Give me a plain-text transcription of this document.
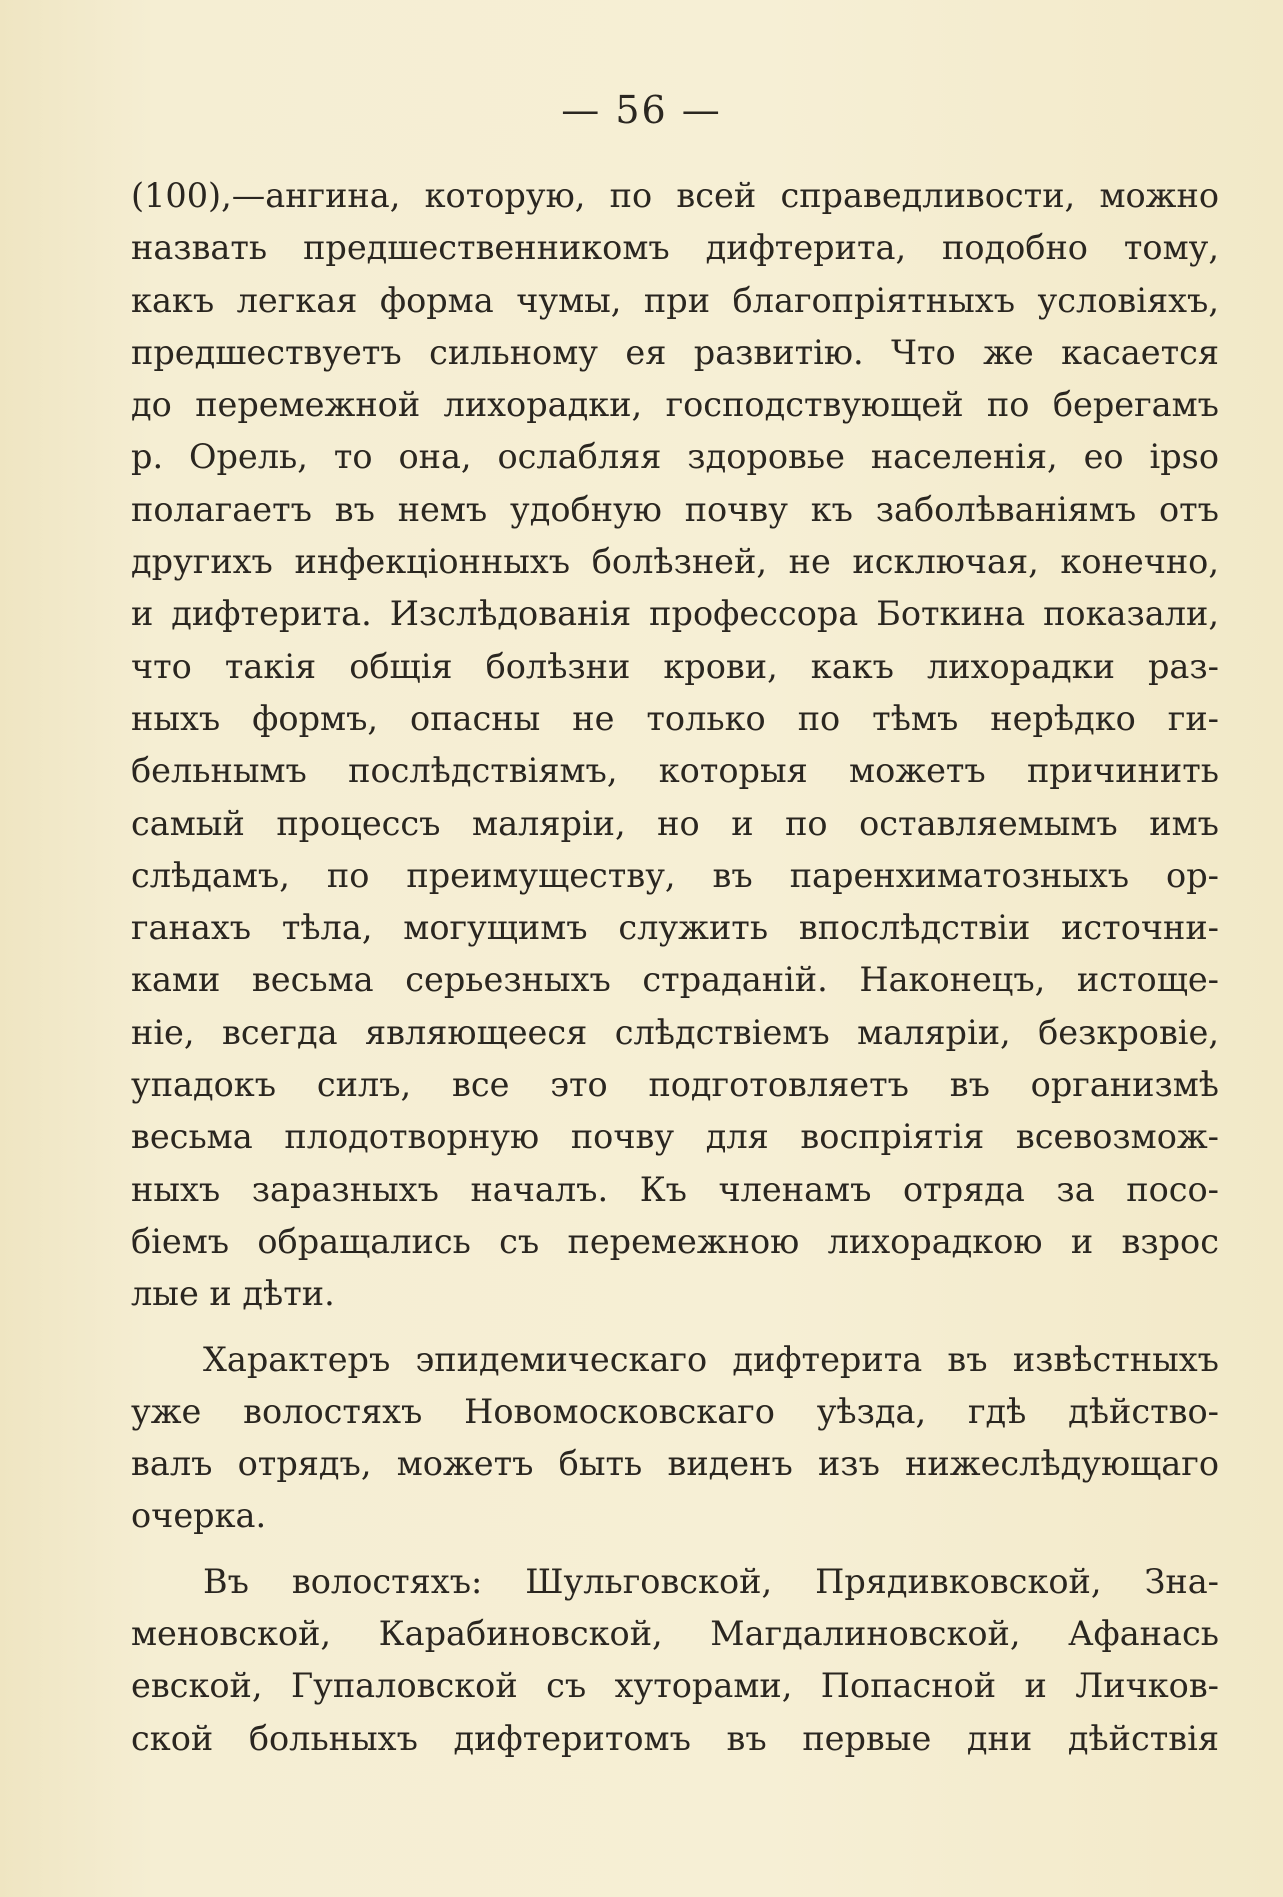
— 56 —
(100),—ангина, которую, по всей справедливости, можно
назвать предшественникомъ дифтерита, подобно тому,
какъ легкая форма чумы, при благопріятныхъ условіяхъ,
предшествуетъ сильному ея развитію. Что же касается
до перемежной лихорадки, господствующей по берегамъ
р. Орель, то она, ослабляя здоровье населенія, eo ipso
полагаетъ въ немъ удобную почву къ заболѣваніямъ отъ
другихъ инфекціонныхъ болѣзней, не исключая, конечно,
и дифтерита. Изслѣдованія профессора Боткина показали,
что такія общія болѣзни крови, какъ лихорадки раз-
ныхъ формъ, опасны не только по тѣмъ нерѣдко ги-
бельнымъ послѣдствіямъ, которыя можетъ причинить
самый процессъ маляріи, но и по оставляемымъ имъ
слѣдамъ, по преимуществу, въ паренхиматозныхъ ор-
ганахъ тѣла, могущимъ служить впослѣдствіи источни-
ками весьма серьезныхъ страданій. Наконецъ, истоще-
ніе, всегда являющееся слѣдствіемъ маляріи, безкровіе,
упадокъ силъ, все это подготовляетъ въ организмѣ
весьма плодотворную почву для воспріятія всевозмож-
ныхъ заразныхъ началъ. Къ членамъ отряда за посо-
біемъ обращались съ перемежною лихорадкою и взрос
лые и дѣти.
Характеръ эпидемическаго дифтерита въ извѣстныхъ
уже волостяхъ Новомосковскаго уѣзда, гдѣ дѣйство-
валъ отрядъ, можетъ быть виденъ изъ нижеслѣдующаго
очерка.
Въ волостяхъ: Шульговской, Прядивковской, Зна-
меновской, Карабиновской, Магдалиновской, Афанась
евской, Гупаловской съ хуторами, Попасной и Личков-
ской больныхъ дифтеритомъ въ первые дни дѣйствія
